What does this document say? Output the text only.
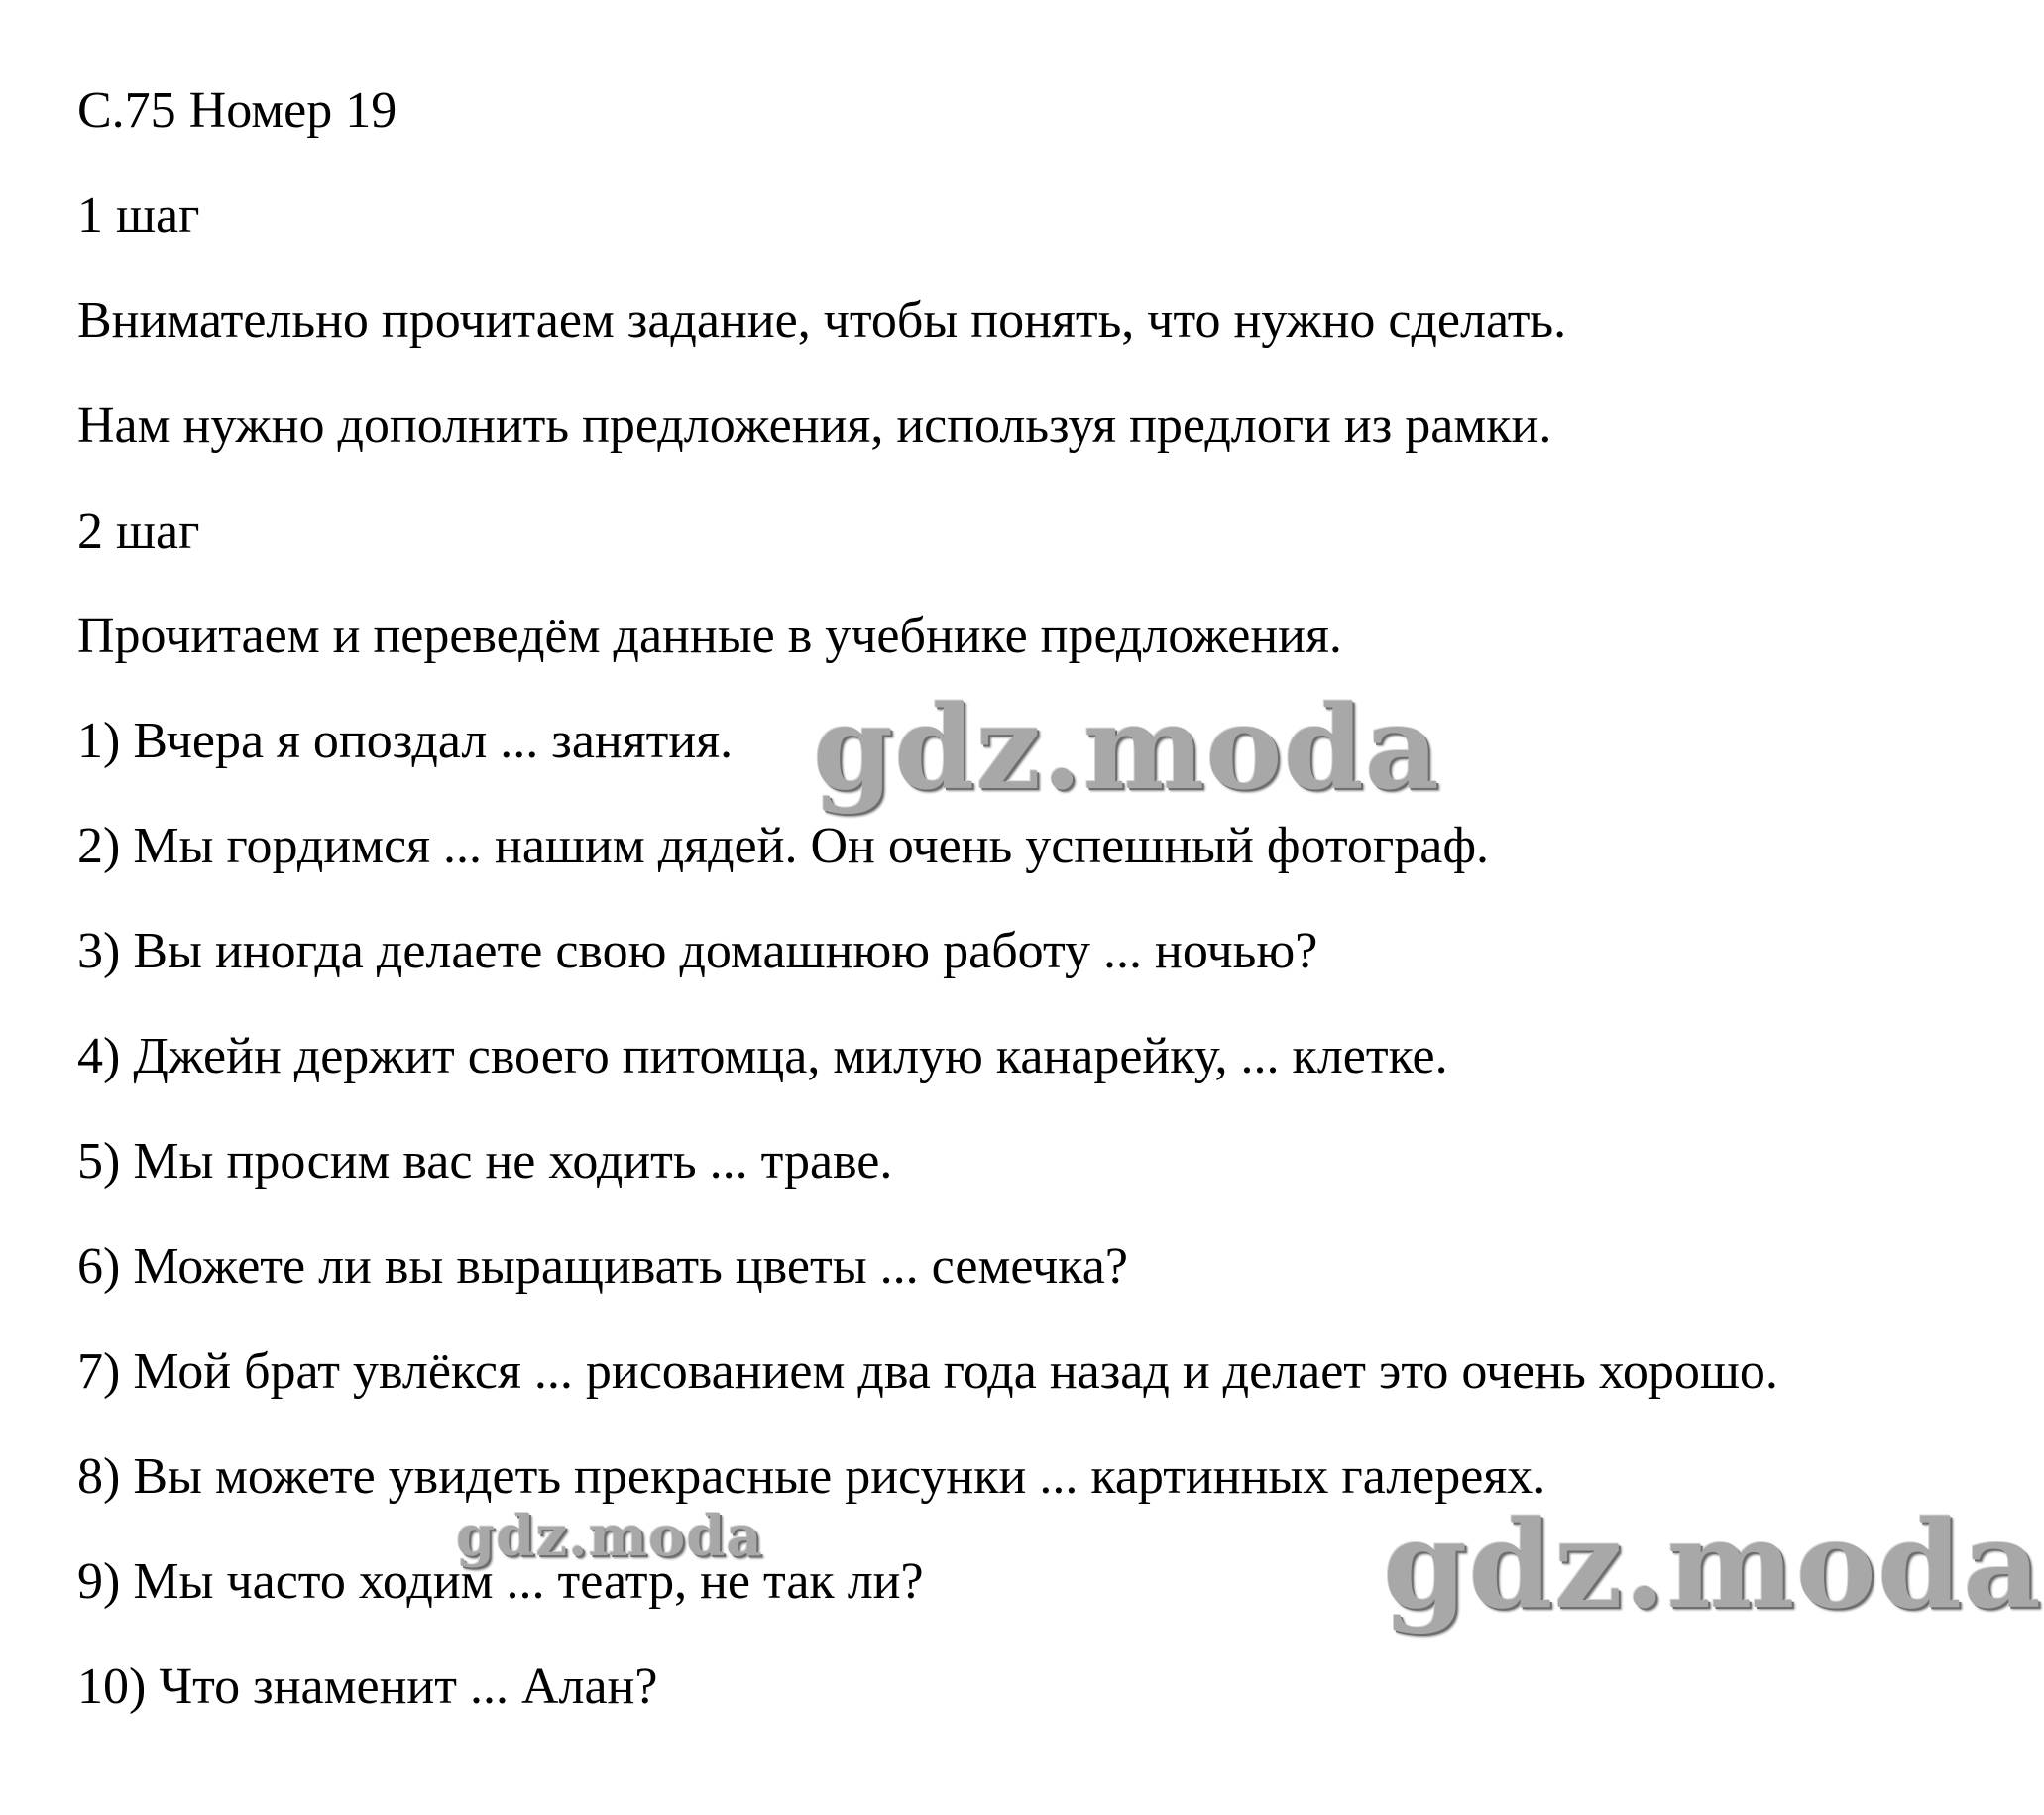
С.75 Номер 19
1 шаг
Внимательно прочитаем задание, чтобы понять, что нужно сделать.
Нам нужно дополнить предложения, используя предлоги из рамки.
2 шаг
Прочитаем и переведём данные в учебнике предложения.
1) Вчера я опоздал ... занятия.
2) Мы гордимся ... нашим дядей. Он очень успешный фотограф.
3) Вы иногда делаете свою домашнюю работу ... ночью?
4) Джейн держит своего питомца, милую канарейку, ... клетке.
5) Мы просим вас не ходить ... траве.
6) Можете ли вы выращивать цветы ... семечка?
7) Мой брат увлёкся ... рисованием два года назад и делает это очень хорошо.
8) Вы можете увидеть прекрасные рисунки ... картинных галереях.
9) Мы часто ходим ... театр, не так ли?
10) Что знаменит ... Алан?
gdz.moda
gdz.moda	gdz.moda
